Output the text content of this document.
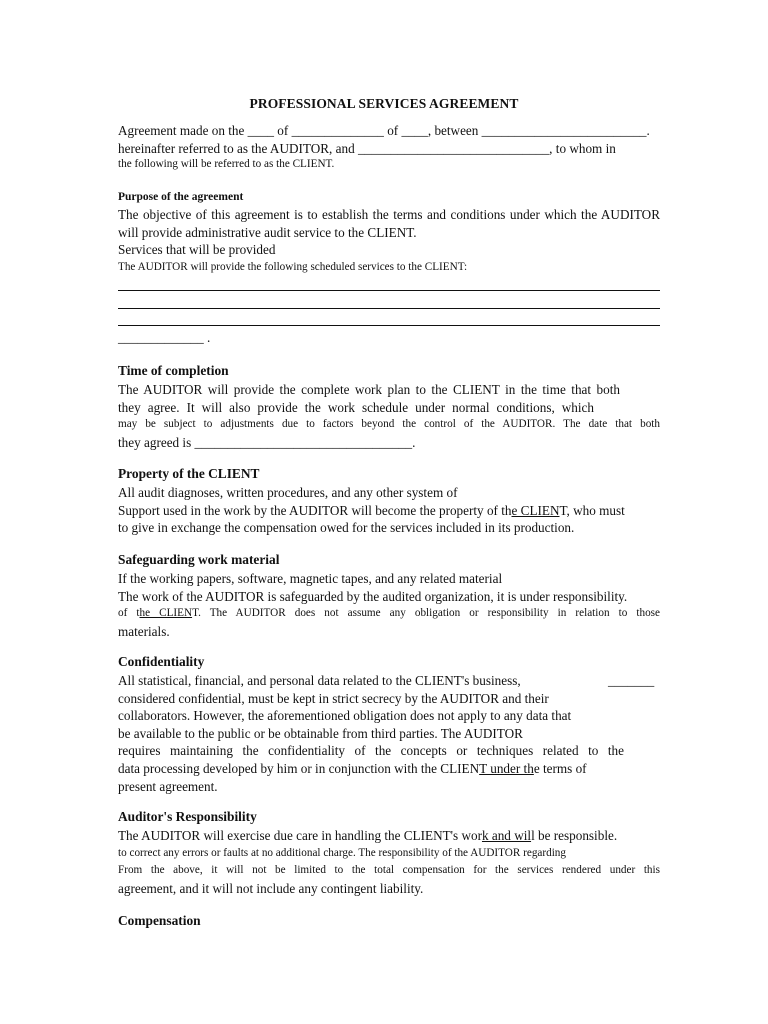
PROFESSIONAL SERVICES AGREEMENT
Agreement made on the ____ of ______________ of ____, between _________________________.
hereinafter referred to as the AUDITOR, and _____________________________, to whom in
the following will be referred to as the CLIENT.
Purpose of the agreement
The objective of this agreement is to establish the terms and conditions under which the AUDITOR
will provide administrative audit service to the CLIENT.
Services that will be provided
The AUDITOR will provide the following scheduled services to the CLIENT:
_____________ .
Time of completion
The AUDITOR will provide the complete work plan to the CLIENT in the time that both
they agree. It will also provide the work schedule under normal conditions, which
may be subject to adjustments due to factors beyond the control of the AUDITOR. The date that both
they agreed is _________________________________.
Property of the CLIENT
All audit diagnoses, written procedures, and any other system of
Support used in the work by the AUDITOR will become the property of the CLIENT, who must
to give in exchange the compensation owed for the services included in its production.
Safeguarding work material
If the working papers, software, magnetic tapes, and any related material
The work of the AUDITOR is safeguarded by the audited organization, it is under responsibility.
of the CLIENT. The AUDITOR does not assume any obligation or responsibility in relation to those
materials.
Confidentiality
All statistical, financial, and personal data related to the CLIENT's business,	_______
considered confidential, must be kept in strict secrecy by the AUDITOR and their
collaborators. However, the aforementioned obligation does not apply to any data that
be available to the public or be obtainable from third parties. The AUDITOR
requires maintaining the confidentiality of the concepts or techniques related to the
data processing developed by him or in conjunction with the CLIENT under the terms of
present agreement.
Auditor's Responsibility
The AUDITOR will exercise due care in handling the CLIENT's work and will be responsible.
to correct any errors or faults at no additional charge. The responsibility of the AUDITOR regarding
From the above, it will not be limited to the total compensation for the services rendered under this
agreement, and it will not include any contingent liability.
Compensation
